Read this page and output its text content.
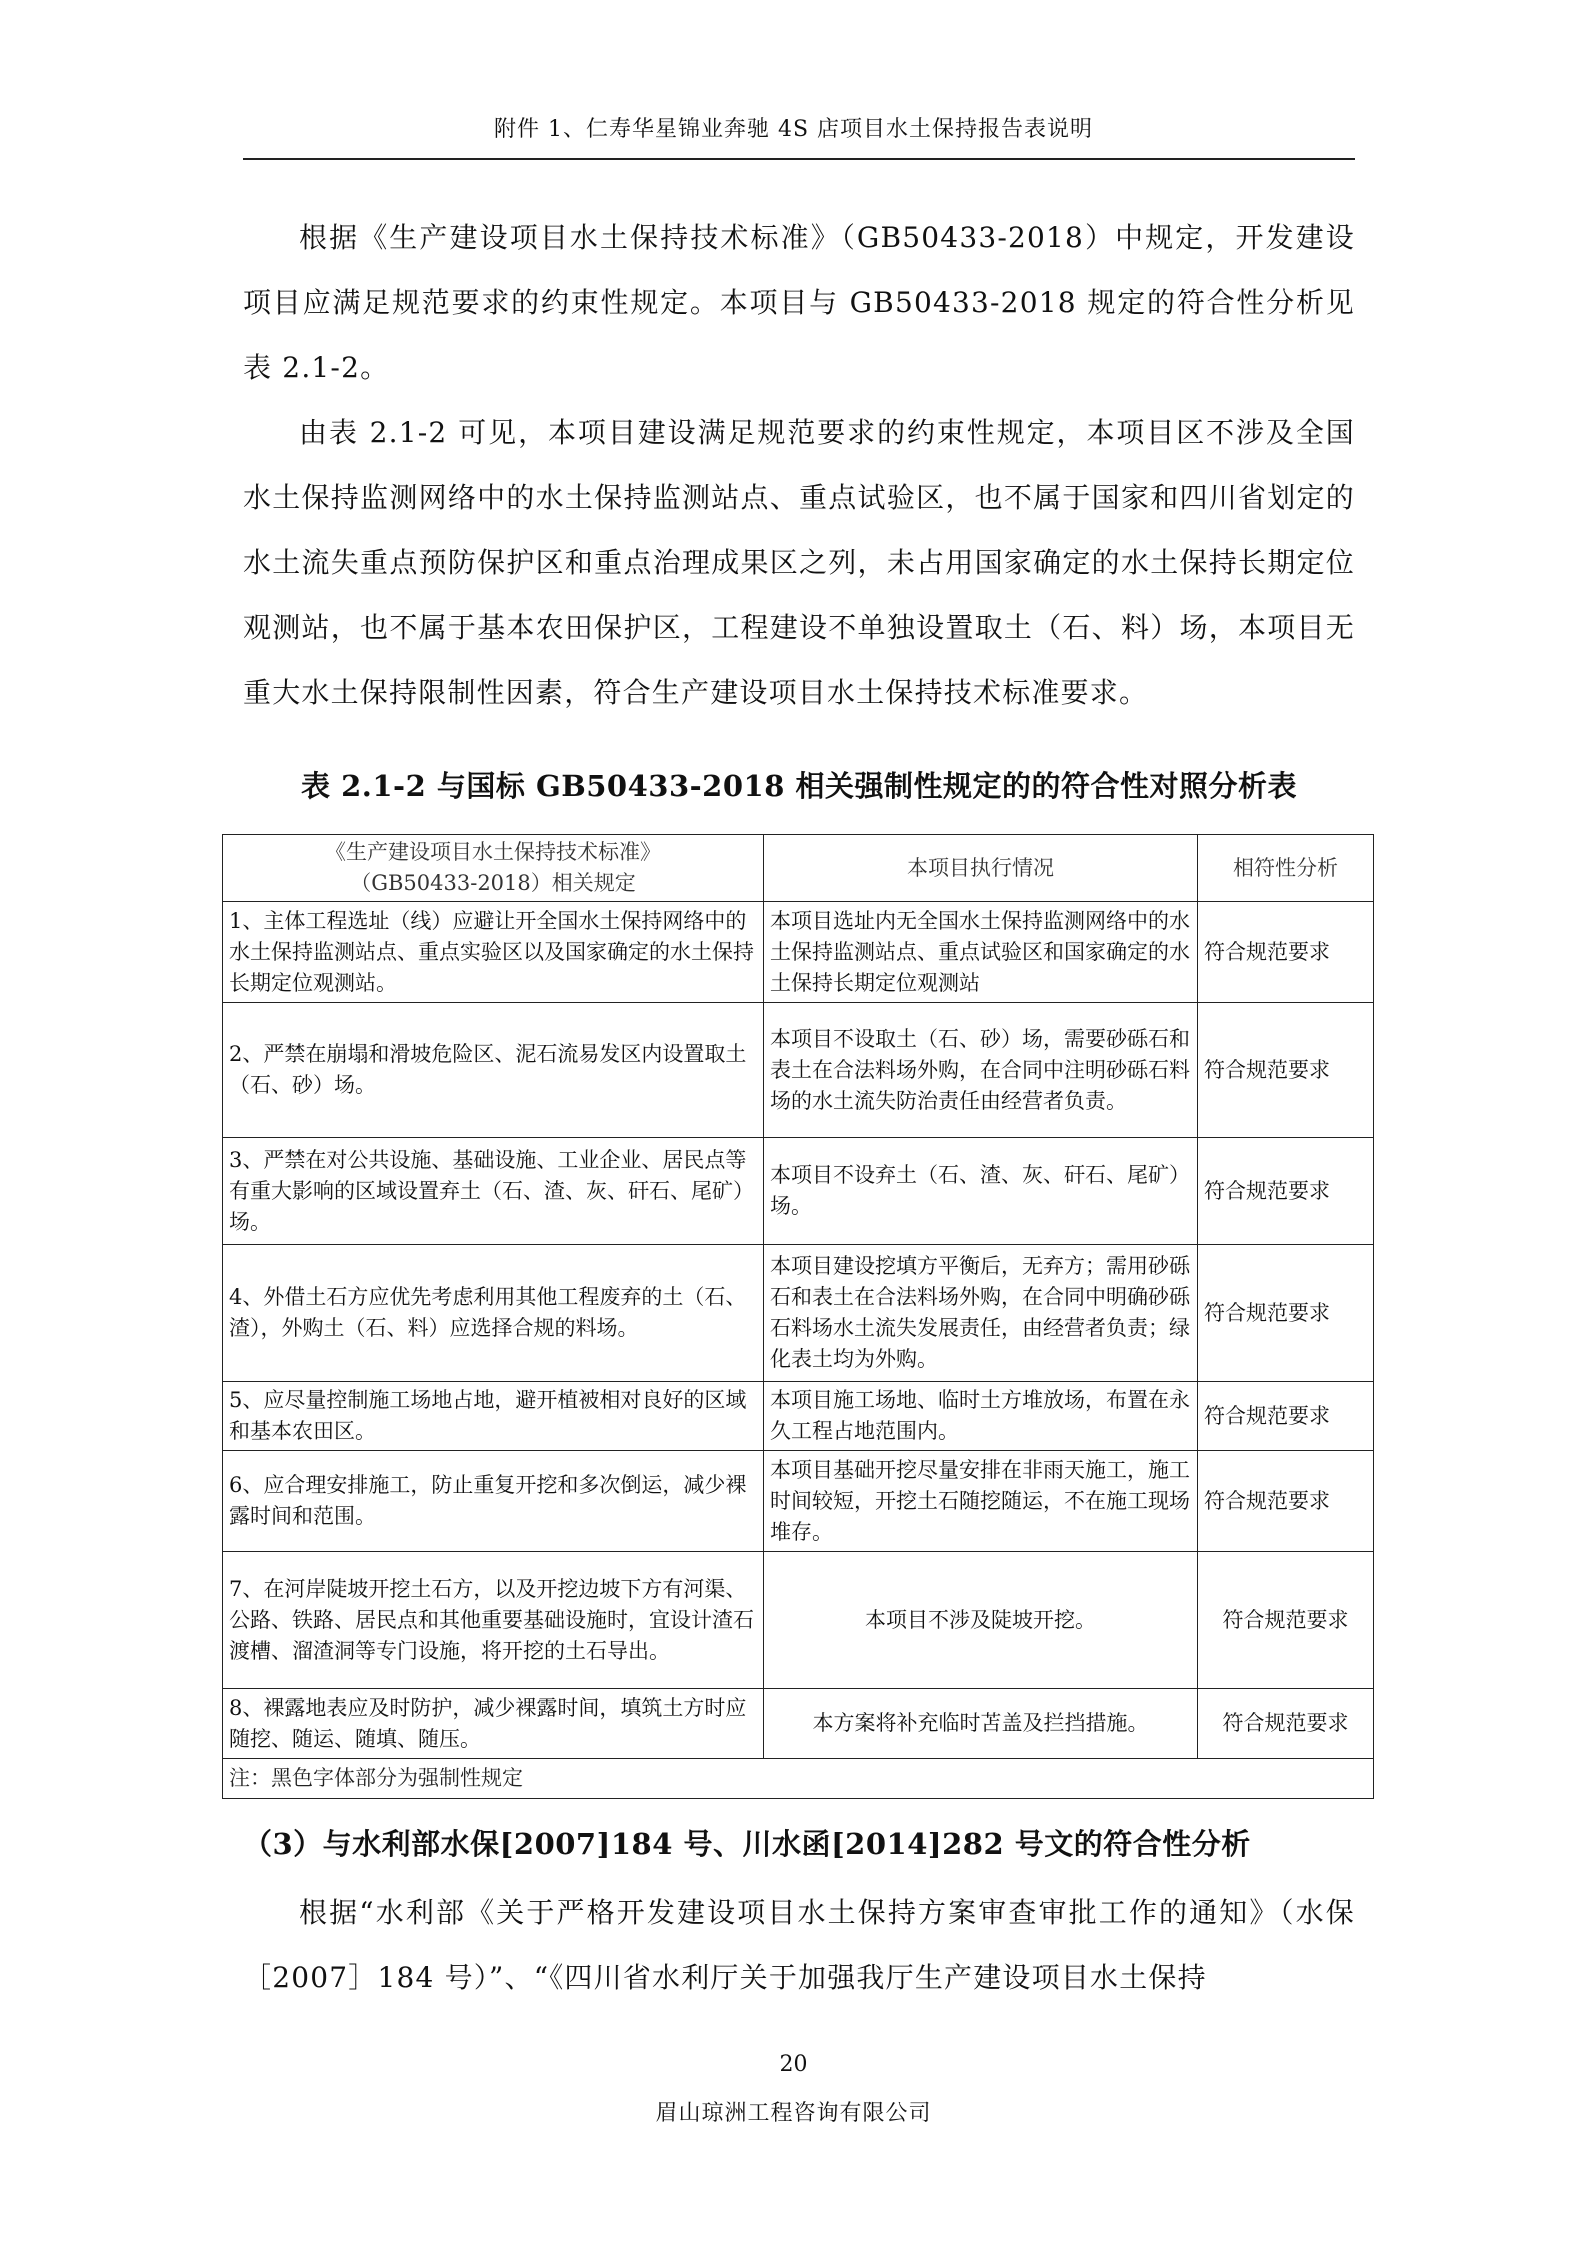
附件 1、仁寿华星锦业奔驰 4S 店项目水土保持报告表说明

根据《生产建设项目水土保持技术标准》（GB50433-2018）中规定，开发建设项目应满足规范要求的约束性规定。本项目与 GB50433-2018 规定的符合性分析见表 2.1-2。

由表 2.1-2 可见，本项目建设满足规范要求的约束性规定，本项目区不涉及全国水土保持监测网络中的水土保持监测站点、重点试验区，也不属于国家和四川省划定的水土流失重点预防保护区和重点治理成果区之列，未占用国家确定的水土保持长期定位观测站，也不属于基本农田保护区，工程建设不单独设置取土（石、料）场，本项目无重大水土保持限制性因素，符合生产建设项目水土保持技术标准要求。

表 2.1-2 与国标 GB50433-2018 相关强制性规定的的符合性对照分析表
《生产建设项目水土保持技术标准》
（GB50433-2018）相关规定	本项目执行情况	相符性分析
1、主体工程选址（线）应避让开全国水土保持网络中的水土保持监测站点、重点实验区以及国家确定的水土保持长期定位观测站。	本项目选址内无全国水土保持监测网络中的水土保持监测站点、重点试验区和国家确定的水土保持长期定位观测站	符合规范要求
2、严禁在崩塌和滑坡危险区、泥石流易发区内设置取土（石、砂）场。	本项目不设取土（石、砂）场，需要砂砾石和表土在合法料场外购，在合同中注明砂砾石料场的水土流失防治责任由经营者负责。	符合规范要求
3、严禁在对公共设施、基础设施、工业企业、居民点等有重大影响的区域设置弃土（石、渣、灰、矸石、尾矿）场。	本项目不设弃土（石、渣、灰、矸石、尾矿）场。	符合规范要求
4、外借土石方应优先考虑利用其他工程废弃的土（石、渣），外购土（石、料）应选择合规的料场。	本项目建设挖填方平衡后，无弃方；需用砂砾石和表土在合法料场外购，在合同中明确砂砾石料场水土流失发展责任，由经营者负责；绿化表土均为外购。	符合规范要求
5、应尽量控制施工场地占地，避开植被相对良好的区域和基本农田区。	本项目施工场地、临时土方堆放场，布置在永久工程占地范围内。	符合规范要求
6、应合理安排施工，防止重复开挖和多次倒运，减少裸露时间和范围。	本项目基础开挖尽量安排在非雨天施工，施工时间较短，开挖土石随挖随运，不在施工现场堆存。	符合规范要求
7、在河岸陡坡开挖土石方，以及开挖边坡下方有河渠、公路、铁路、居民点和其他重要基础设施时，宜设计渣石渡槽、溜渣洞等专门设施，将开挖的土石导出。	本项目不涉及陡坡开挖。	符合规范要求
8、裸露地表应及时防护，减少裸露时间，填筑土方时应随挖、随运、随填、随压。	本方案将补充临时苫盖及拦挡措施。	符合规范要求
注：黑色字体部分为强制性规定		
（3）与水利部水保[2007]184 号、川水函[2014]282 号文的符合性分析

根据“水利部《关于严格开发建设项目水土保持方案审查审批工作的通知》（水保［2007］184 号）”、“《四川省水利厅关于加强我厅生产建设项目水土保持

20
眉山琼洲工程咨询有限公司
